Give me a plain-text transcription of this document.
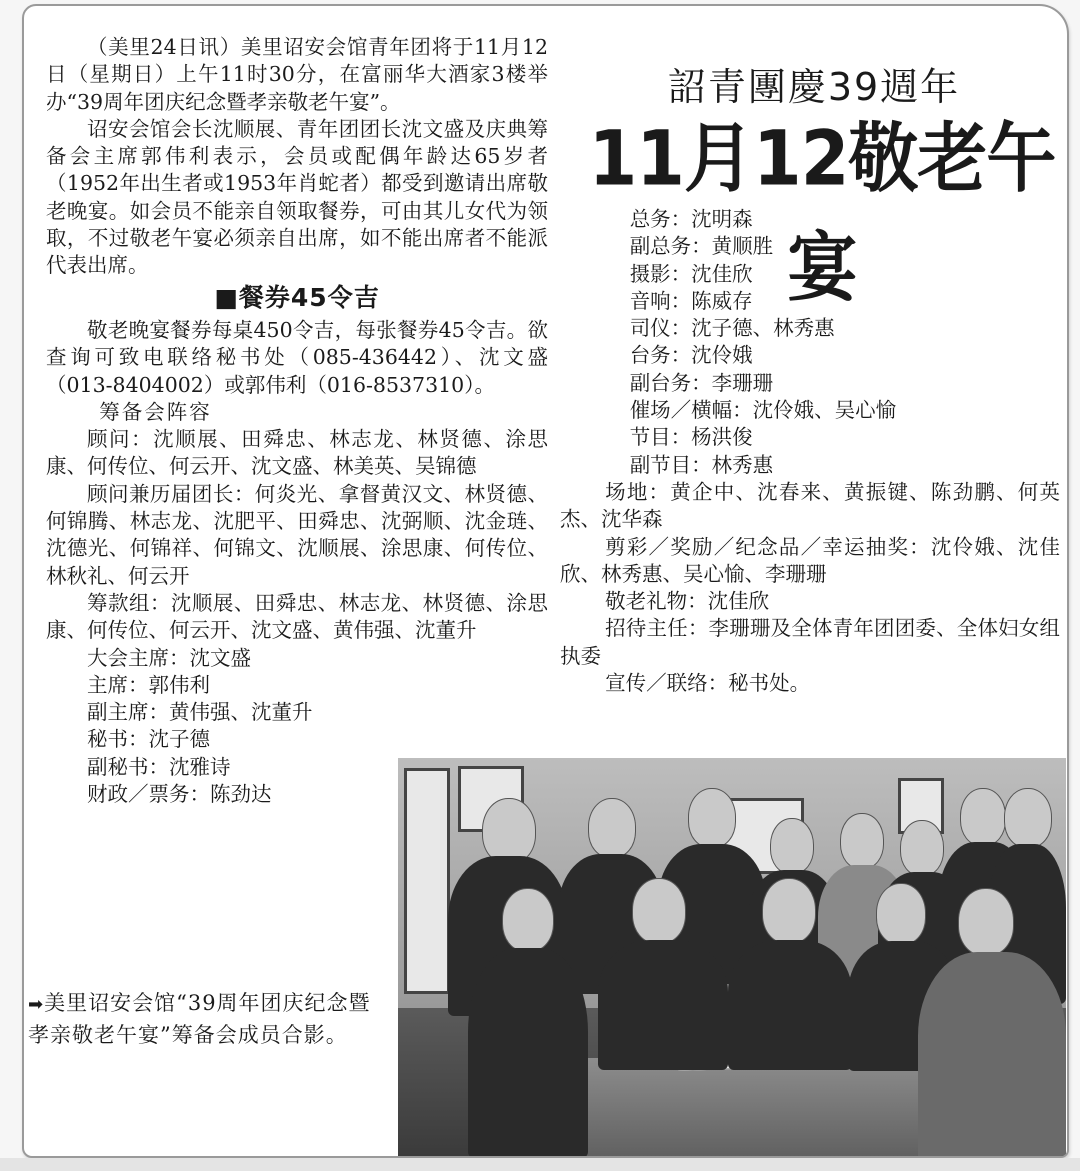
（美里24日讯）美里诏安会馆青年团将于11月12日（星期日）上午11时30分，在富丽华大酒家3楼举办“39周年团庆纪念暨孝亲敬老午宴”。

诏安会馆会长沈顺展、青年团团长沈文盛及庆典筹备会主席郭伟利表示，会员或配偶年龄达65岁者（1952年出生者或1953年肖蛇者）都受到邀请出席敬老晚宴。如会员不能亲自领取餐券，可由其儿女代为领取，不过敬老午宴必须亲自出席，如不能出席者不能派代表出席。

■餐券45令吉

敬老晚宴餐券每桌450令吉，每张餐券45令吉。欲查询可致电联络秘书处（085-436442）、沈文盛（013-8404002）或郭伟利（016-8537310）。

筹备会阵容

顾问：沈顺展、田舜忠、林志龙、林贤德、涂思康、何传位、何云开、沈文盛、林美英、吴锦德

顾问兼历届团长：何炎光、拿督黄汉文、林贤德、何锦腾、林志龙、沈肥平、田舜忠、沈弼顺、沈金琏、沈德光、何锦祥、何锦文、沈顺展、涂思康、何传位、林秋礼、何云开

筹款组：沈顺展、田舜忠、林志龙、林贤德、涂思康、何传位、何云开、沈文盛、黄伟强、沈董升

大会主席：沈文盛

主席：郭伟利

副主席：黄伟强、沈董升

秘书：沈子德

副秘书：沈雅诗

财政／票务：陈劲达

詔青團慶39週年
11月12敬老午宴

总务：沈明森

副总务：黄顺胜

摄影：沈佳欣

音响：陈威存

司仪：沈子德、林秀惠

台务：沈伶娥

副台务：李珊珊

催场／横幅：沈伶娥、吴心愉

节目：杨洪俊

副节目：林秀惠

场地：黄企中、沈春来、黄振键、陈劲鹏、何英杰、沈华森

剪彩／奖励／纪念品／幸运抽奖：沈伶娥、沈佳欣、林秀惠、吴心愉、李珊珊

敬老礼物：沈佳欣

招待主任：李珊珊及全体青年团团委、全体妇女组执委

宣传／联络：秘书处。

➡美里诏安会馆“39周年团庆纪念暨孝亲敬老午宴”筹备会成员合影。
